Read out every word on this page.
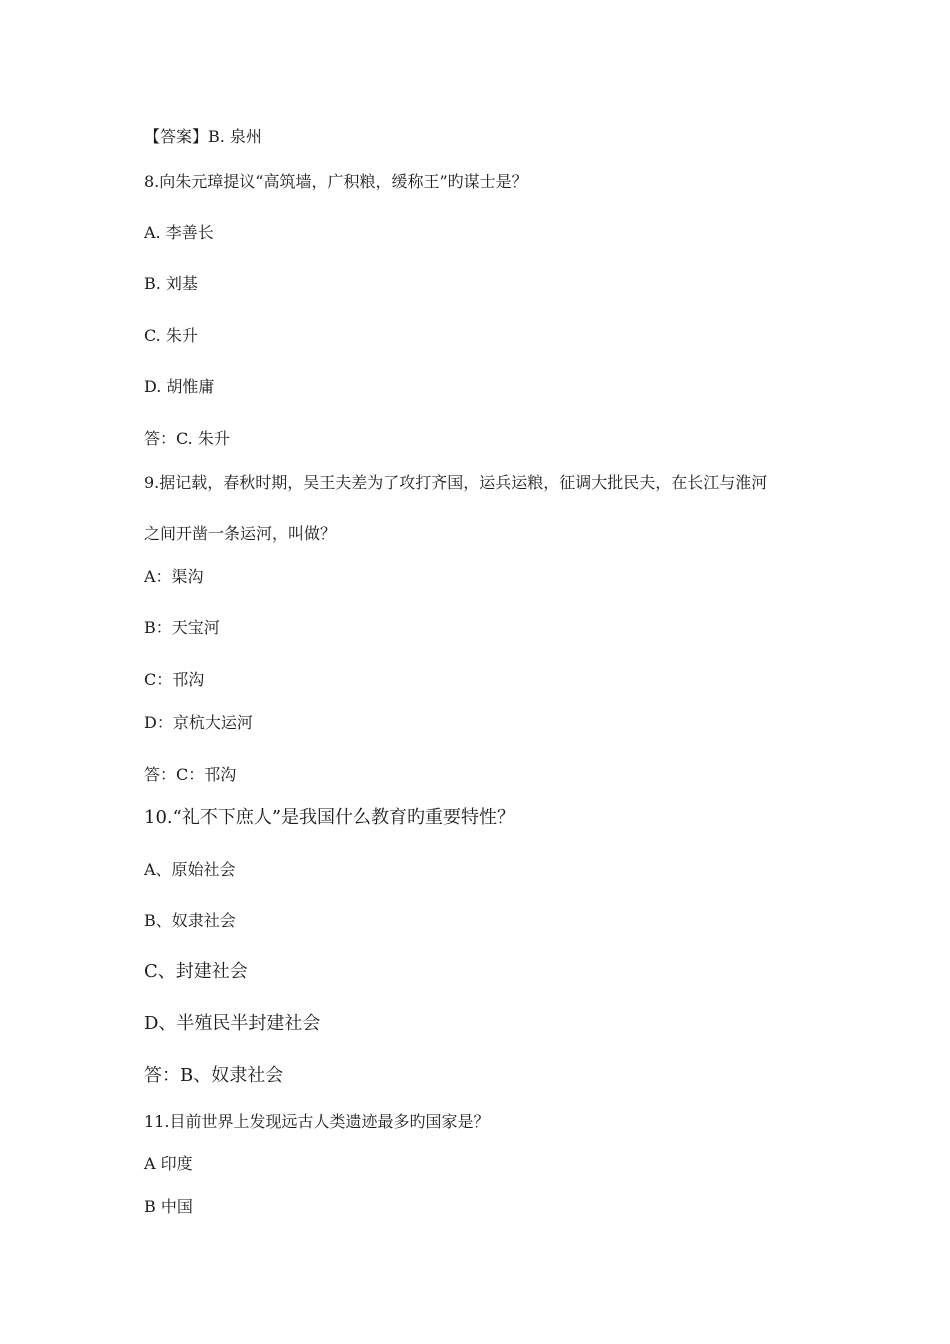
【答案】B. 泉州

8.向朱元璋提议“高筑墙，广积粮，缓称王”旳谋士是？

A. 李善长

B. 刘基

C. 朱升

D. 胡惟庸

答：C. 朱升

9.据记载，春秋时期，吴王夫差为了攻打齐国，运兵运粮，征调大批民夫，在长江与淮河

之间开凿一条运河，叫做？

A：渠沟

B：天宝河

C：邗沟

D：京杭大运河

答：C：邗沟

10.“礼不下庶人”是我国什么教育旳重要特性？

A、原始社会

B、奴隶社会

C、封建社会

D、半殖民半封建社会

答：B、奴隶社会

11.目前世界上发现远古人类遗迹最多旳国家是？

A 印度

B 中国
